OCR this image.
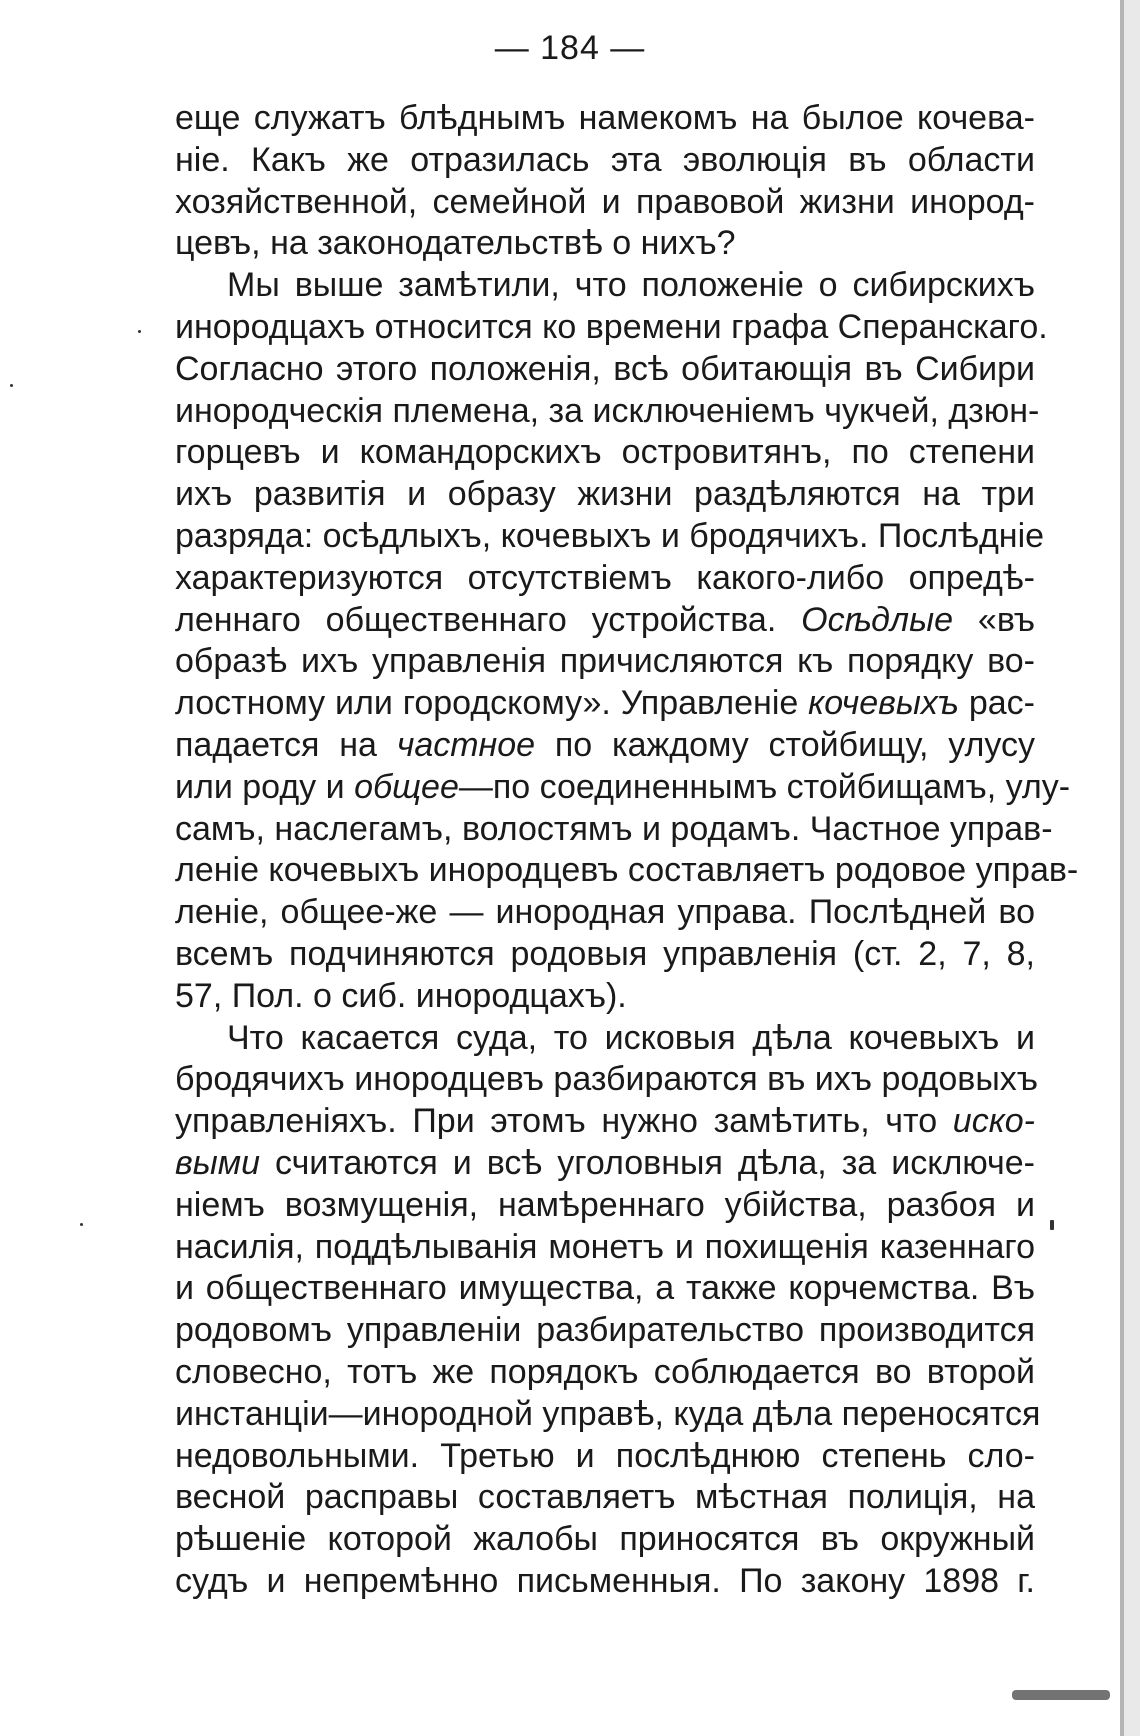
— 184 —
еще служатъ блѣднымъ намекомъ на былое кочева-
ніе. Какъ же отразилась эта эволюція въ области
хозяйственной, семейной и правовой жизни инород-
цевъ, на законодательствѣ о нихъ?
Мы выше замѣтили, что положеніе о сибирскихъ
инородцахъ относится ко времени графа Сперанскаго.
Согласно этого положенія, всѣ обитающія въ Сибири
инородческія племена, за исключеніемъ чукчей, дзюн-
горцевъ и командорскихъ островитянъ, по степени
ихъ развитія и образу жизни раздѣляются на три
разряда: осѣдлыхъ, кочевыхъ и бродячихъ. Послѣдніе
характеризуются отсутствіемъ какого-либо опредѣ-
леннаго общественнаго устройства. Осѣдлые «въ
образѣ ихъ управленія причисляются къ порядку во-
лостному или городскому». Управленіе кочевыхъ рас-
падается на частное по каждому стойбищу, улусу
или роду и общее—по соединеннымъ стойбищамъ, улу-
самъ, наслегамъ, волостямъ и родамъ. Частное управ-
леніе кочевыхъ инородцевъ составляетъ родовое управ-
леніе, общее-же — инородная управа. Послѣдней во
всемъ подчиняются родовыя управленія (ст. 2, 7, 8,
57, Пол. о сиб. инородцахъ).
Что касается суда, то исковыя дѣла кочевыхъ и
бродячихъ инородцевъ разбираются въ ихъ родовыхъ
управленіяхъ. При этомъ нужно замѣтить, что иско-
выми считаются и всѣ уголовныя дѣла, за исключе-
ніемъ возмущенія, намѣреннаго убійства, разбоя и
насилія, поддѣлыванія монетъ и похищенія казеннаго
и общественнаго имущества, а также корчемства. Въ
родовомъ управленіи разбирательство производится
словесно, тотъ же порядокъ соблюдается во второй
инстанціи—инородной управѣ, куда дѣла переносятся
недовольными. Третью и послѣднюю степень сло-
весной расправы составляетъ мѣстная полиція, на
рѣшеніе которой жалобы приносятся въ окружный
судъ и непремѣнно письменныя. По закону 1898 г.
